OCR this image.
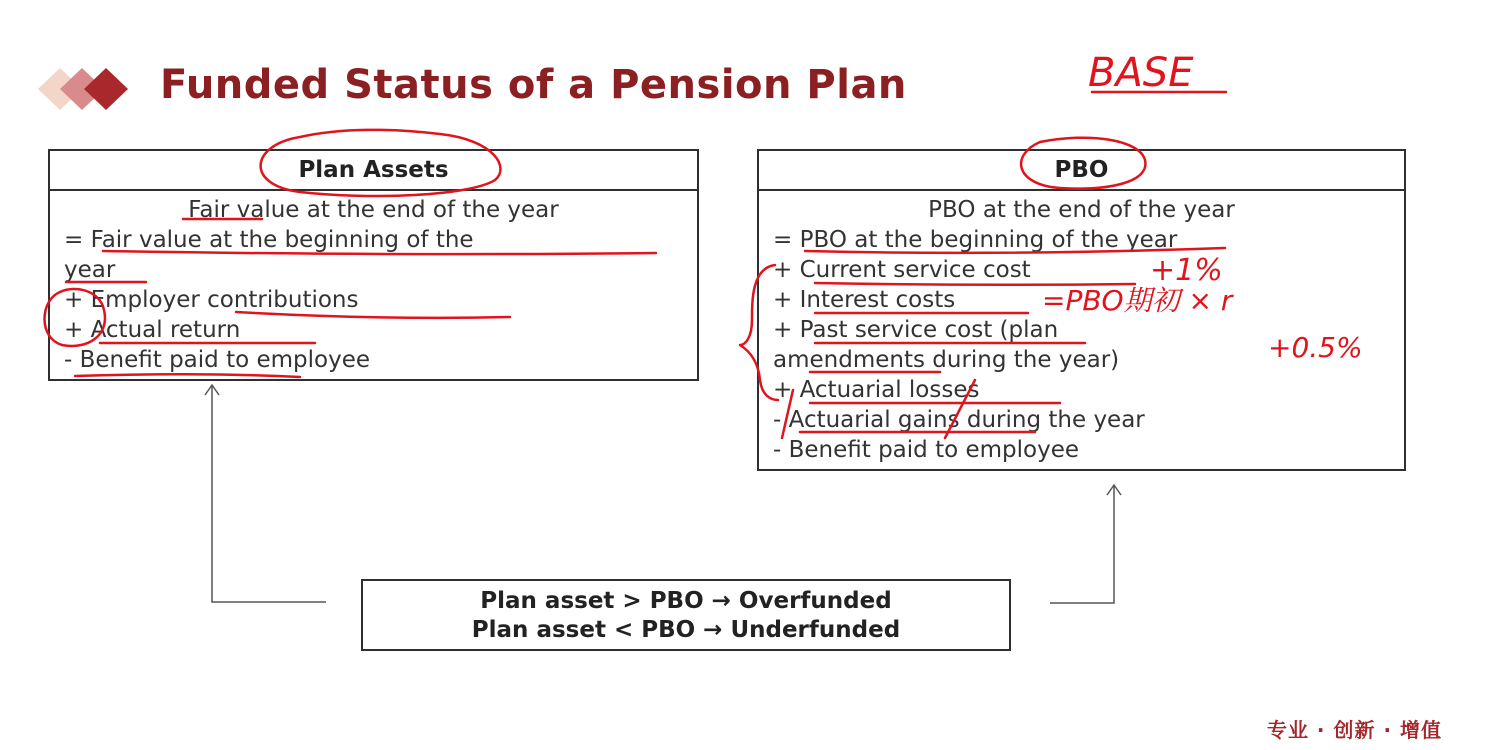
Funded Status of a Pension Plan
Plan Assets
Fair value at the end of the year
= Fair value at the beginning of the
year
+ Employer contributions
+ Actual return
- Benefit paid to employee
PBO
PBO at the end of the year
= PBO at the beginning of the year
+ Current service cost
+ Interest costs
+ Past service cost (plan
amendments during the year)
+ Actuarial losses
- Actuarial gains during the year
- Benefit paid to employee
Plan asset > PBO → Overfunded
Plan asset < PBO → Underfunded
BASE
+1%
=PBO期初 × r
+0.5%
专业 · 创新 · 增值
